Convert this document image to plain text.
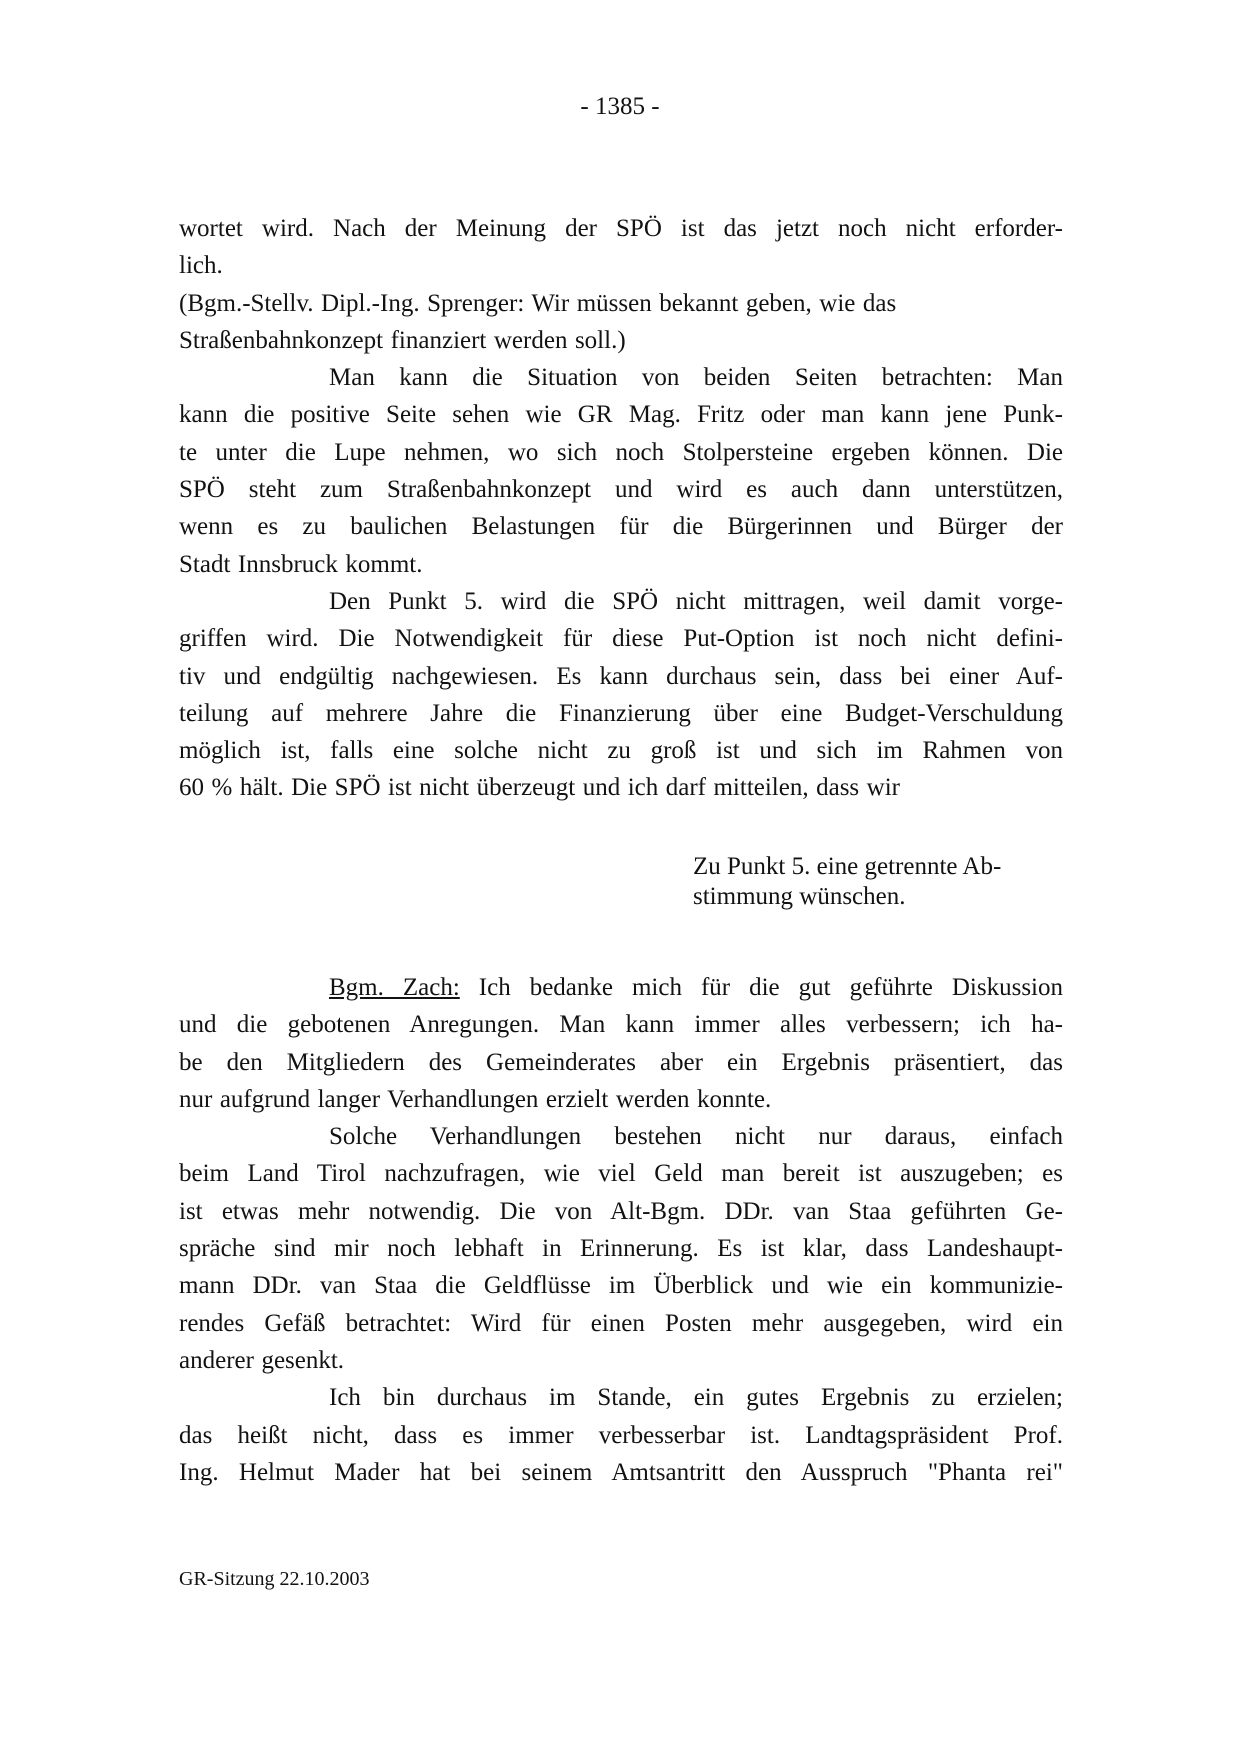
- 1385 -
wortet wird. Nach der Meinung der SPÖ ist das jetzt noch nicht erforder-
lich.
(Bgm.-Stellv. Dipl.-Ing. Sprenger: Wir müssen bekannt geben, wie das
Straßenbahnkonzept finanziert werden soll.)
Man kann die Situation von beiden Seiten betrachten: Man
kann die positive Seite sehen wie GR Mag. Fritz oder man kann jene Punk-
te unter die Lupe nehmen, wo sich noch Stolpersteine ergeben können. Die
SPÖ steht zum Straßenbahnkonzept und wird es auch dann unterstützen,
wenn es zu baulichen Belastungen für die Bürgerinnen und Bürger der
Stadt Innsbruck kommt.
Den Punkt 5. wird die SPÖ nicht mittragen, weil damit vorge-
griffen wird. Die Notwendigkeit für diese Put-Option ist noch nicht defini-
tiv und endgültig nachgewiesen. Es kann durchaus sein, dass bei einer Auf-
teilung auf mehrere Jahre die Finanzierung über eine Budget-Verschuldung
möglich ist, falls eine solche nicht zu groß ist und sich im Rahmen von
60 % hält. Die SPÖ ist nicht überzeugt und ich darf mitteilen, dass wir
Zu Punkt 5. eine getrennte Ab-
stimmung wünschen.
Bgm. Zach: Ich bedanke mich für die gut geführte Diskussion
und die gebotenen Anregungen. Man kann immer alles verbessern; ich ha-
be den Mitgliedern des Gemeinderates aber ein Ergebnis präsentiert, das
nur aufgrund langer Verhandlungen erzielt werden konnte.
Solche Verhandlungen bestehen nicht nur daraus, einfach
beim Land Tirol nachzufragen, wie viel Geld man bereit ist auszugeben; es
ist etwas mehr notwendig. Die von Alt-Bgm. DDr. van Staa geführten Ge-
spräche sind mir noch lebhaft in Erinnerung. Es ist klar, dass Landeshaupt-
mann DDr. van Staa die Geldflüsse im Überblick und wie ein kommunizie-
rendes Gefäß betrachtet: Wird für einen Posten mehr ausgegeben, wird ein
anderer gesenkt.
Ich bin durchaus im Stande, ein gutes Ergebnis zu erzielen;
das heißt nicht, dass es immer verbesserbar ist. Landtagspräsident Prof.
Ing. Helmut Mader hat bei seinem Amtsantritt den Ausspruch "Phanta rei"
GR-Sitzung 22.10.2003
